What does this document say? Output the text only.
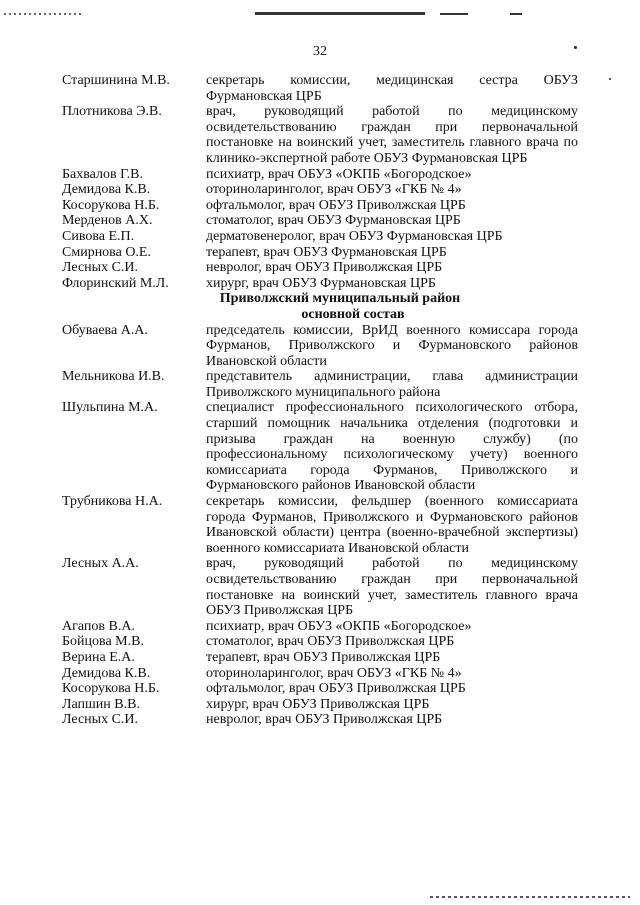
32
Старшинина М.В.	секретарь комиссии, медицинская сестра ОБУЗ Фурмановская ЦРБ
Плотникова Э.В.	врач, руководящий работой по медицинскому освидетельствованию граждан при первоначальной постановке на воинский учет, заместитель главного врача по клинико-экспертной работе ОБУЗ Фурмановская ЦРБ
Бахвалов Г.В.	психиатр, врач ОБУЗ «ОКПБ «Богородское»
Демидова К.В.	оториноларинголог, врач ОБУЗ «ГКБ № 4»
Косорукова Н.Б.	офтальмолог, врач ОБУЗ Приволжская ЦРБ
Мерденов А.Х.	стоматолог, врач ОБУЗ Фурмановская ЦРБ
Сивова Е.П.	дерматовенеролог, врач ОБУЗ Фурмановская ЦРБ
Смирнова О.Е.	терапевт, врач ОБУЗ Фурмановская ЦРБ
Лесных С.И.	невролог, врач ОБУЗ Приволжская ЦРБ
Флоринский М.Л.	хирург, врач ОБУЗ Фурмановская ЦРБ
Приволжский муниципальный район
основной состав
Обуваева А.А.	председатель комиссии, ВрИД военного комиссара города Фурманов, Приволжского и Фурмановского районов Ивановской области
Мельникова И.В.	представитель администрации, глава администрации Приволжского муниципального района
Шульпина М.А.	специалист профессионального психологического отбора, старший помощник начальника отделения (подготовки и призыва граждан на военную службу) (по профессиональному психологическому учету) военного комиссариата города Фурманов, Приволжского и Фурмановского районов Ивановской области
Трубникова Н.А.	секретарь комиссии, фельдшер (военного комиссариата города Фурманов, Приволжского и Фурмановского районов Ивановской области) центра (военно-врачебной экспертизы) военного комиссариата Ивановской области
Лесных А.А.	врач, руководящий работой по медицинскому освидетельствованию граждан при первоначальной постановке на воинский учет, заместитель главного врача ОБУЗ Приволжская ЦРБ
Агапов В.А.	психиатр, врач ОБУЗ «ОКПБ «Богородское»
Бойцова М.В.	стоматолог, врач ОБУЗ Приволжская ЦРБ
Верина Е.А.	терапевт, врач ОБУЗ Приволжская ЦРБ
Демидова К.В.	оториноларинголог, врач ОБУЗ «ГКБ № 4»
Косорукова Н.Б.	офтальмолог, врач ОБУЗ Приволжская ЦРБ
Лапшин В.В.	хирург, врач ОБУЗ Приволжская ЦРБ
Лесных С.И.	невролог, врач ОБУЗ Приволжская ЦРБ
